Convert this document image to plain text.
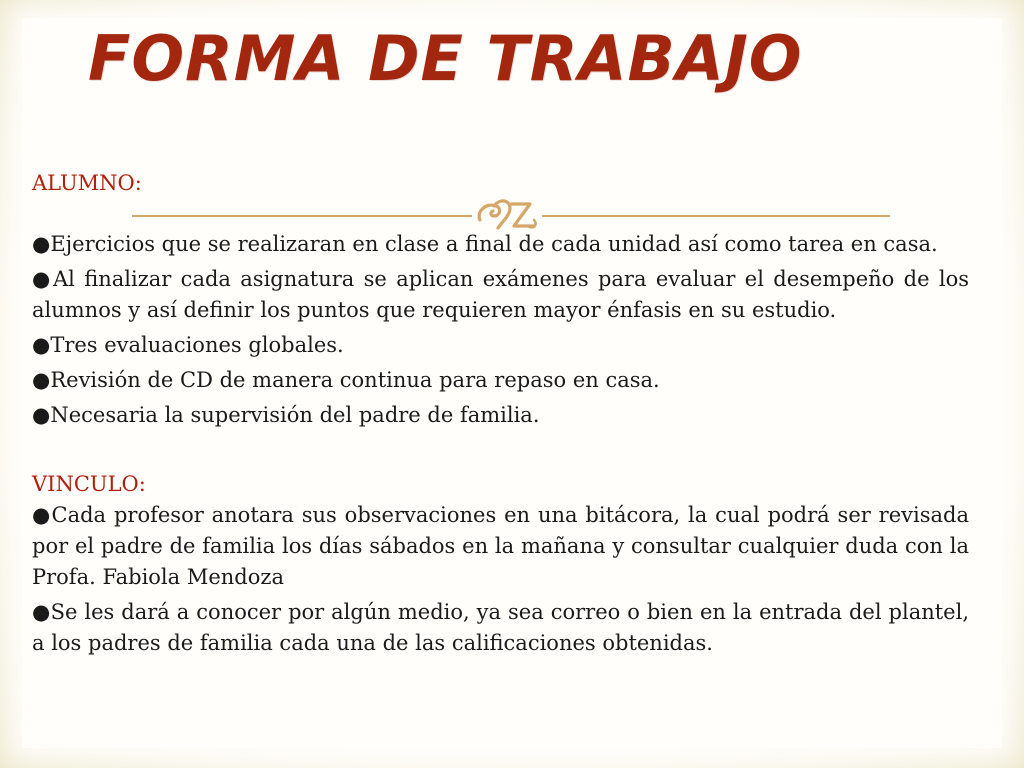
FORMA DE TRABAJO

ALUMNO:

●Ejercicios que se realizaran en clase a final de cada unidad así como tarea en casa.
●Al finalizar cada asignatura se aplican exámenes para evaluar el desempeño de los alumnos y así definir los puntos que requieren mayor énfasis en su estudio.
●Tres evaluaciones globales.
●Revisión de CD de manera continua para repaso en casa.
●Necesaria la supervisión del padre de familia.

VINCULO:

●Cada profesor anotara sus observaciones en una bitácora, la cual podrá ser revisada por el padre de familia los días sábados en la mañana y consultar cualquier duda con la Profa. Fabiola Mendoza
●Se les dará a conocer por algún medio, ya sea correo o bien en la entrada del plantel, a los padres de familia cada una de las calificaciones obtenidas.
